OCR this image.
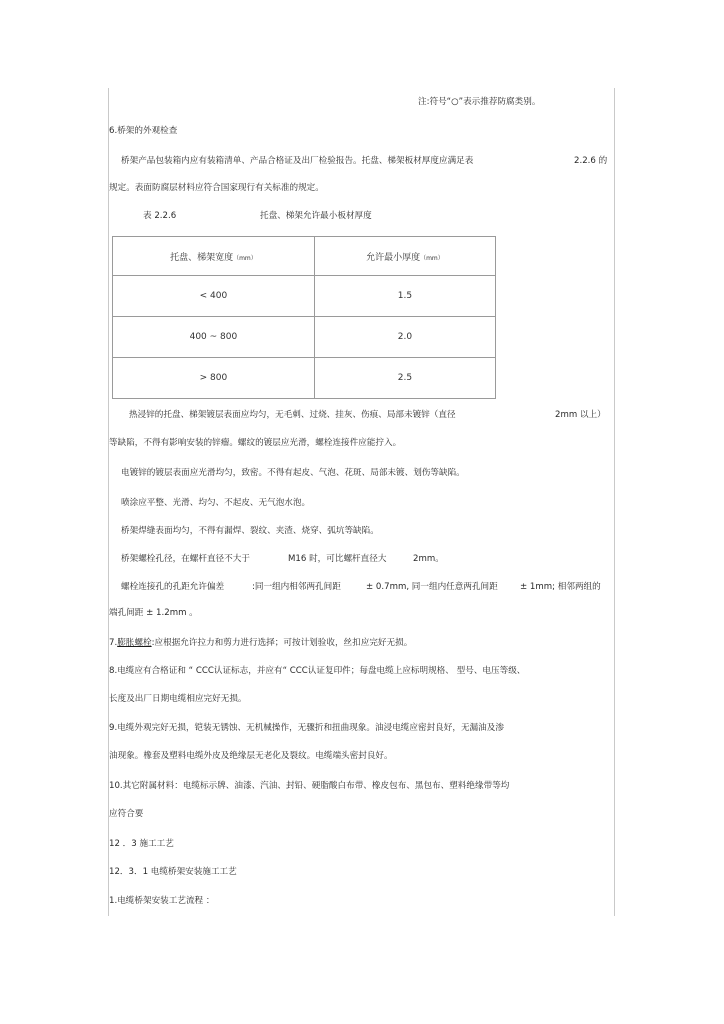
注:符号“○”表示推荐防腐类别。
6.桥架的外观检查
桥架产品包装箱内应有装箱清单、产品合格证及出厂检验报告。托盘、梯架板材厚度应满足表	2.2.6 的
规定。表面防腐层材料应符合国家现行有关标准的规定。
表 2.2.6	托盘、梯架允许最小板材厚度
托盘、梯架宽度（mm）	允许最小厚度（mm）
< 400	1.5
400 ~ 800	2.0
> 800	2.5
热浸锌的托盘、梯架镀层表面应均匀，无毛刺、过烧、挂灰、伤痕、局部未镀锌（直径	2mm 以上）
等缺陷，不得有影响安装的锌瘤。螺纹的镀层应光滑，螺栓连接件应能拧入。
电镀锌的镀层表面应光滑均匀，致密。不得有起皮、气泡、花斑、局部未镀、划伤等缺陷。
喷涂应平整、光滑、均匀、不起皮、无气泡水泡。
桥架焊缝表面均匀，不得有漏焊、裂纹、夹渣、烧穿、弧坑等缺陷。
桥架螺栓孔径，在螺杆直径不大于	M16 时，可比螺杆直径大	2mm。
螺栓连接孔的孔距允许偏差	:同一组内相邻两孔间距	± 0.7mm, 同一组内任意两孔间距	± 1mm; 相邻两组的
端孔间距 ± 1.2mm 。
7.膨胀螺栓:应根据允许拉力和剪力进行选择；可按计划验收，丝扣应完好无损。
8.电缆应有合格证和 “ CCC认证标志，并应有“ CCC认证复印件；每盘电缆上应标明规格、 型号、电压等级、
长度及出厂日期电缆相应完好无损。
9.电缆外观完好无损，铠装无锈蚀、无机械操作，无骤折和扭曲现象。油浸电缆应密封良好，无漏油及渗
油现象。橡套及塑料电缆外皮及绝缘层无老化及裂纹。电缆端头密封良好。
10.其它附属材料：电缆标示牌、油漆、汽油、封铅、硬脂酸白布带、橡皮包布、黑包布、塑料绝缘带等均
应符合要
12 ．3 施工工艺
12．3．1 电缆桥架安装施工工艺
1.电缆桥架安装工艺流程 ：
